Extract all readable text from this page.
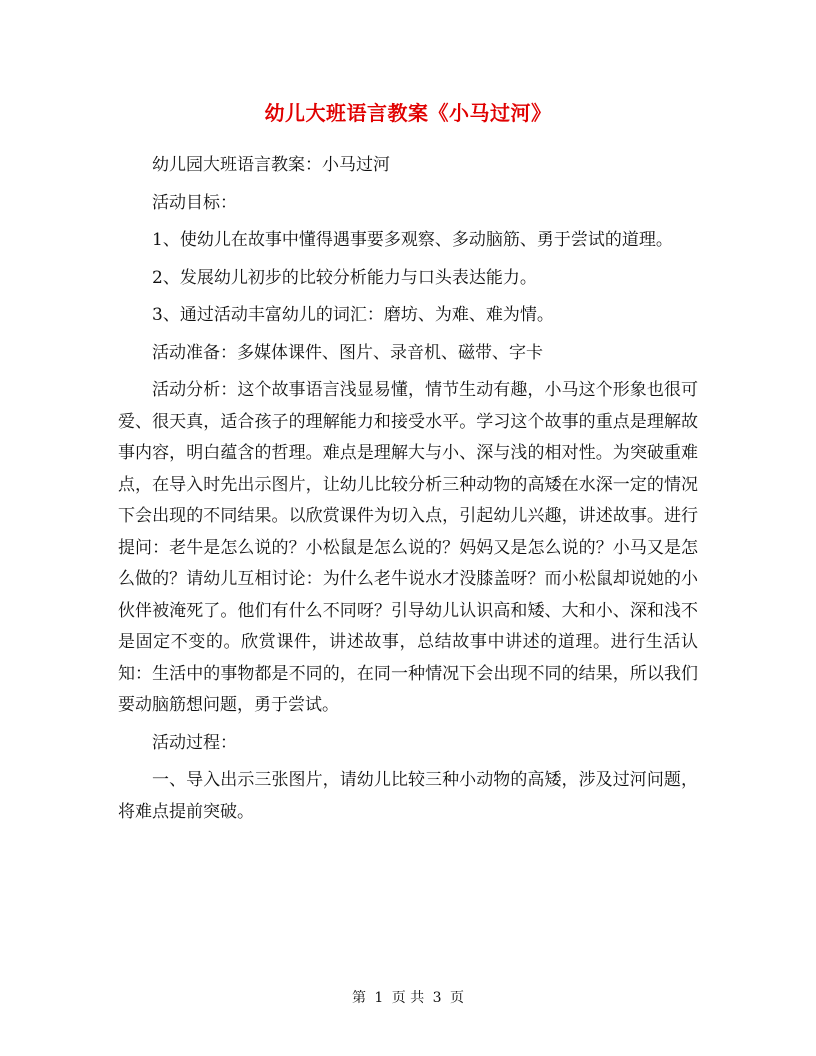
幼儿大班语言教案《小马过河》

幼儿园大班语言教案：小马过河

活动目标：

1、使幼儿在故事中懂得遇事要多观察、多动脑筋、勇于尝试的道理。

2、发展幼儿初步的比较分析能力与口头表达能力。

3、通过活动丰富幼儿的词汇：磨坊、为难、难为情。

活动准备：多媒体课件、图片、录音机、磁带、字卡

活动分析：这个故事语言浅显易懂，情节生动有趣，小马这个形象也很可爱、很天真，适合孩子的理解能力和接受水平。学习这个故事的重点是理解故事内容，明白蕴含的哲理。难点是理解大与小、深与浅的相对性。为突破重难点，在导入时先出示图片，让幼儿比较分析三种动物的高矮在水深一定的情况下会出现的不同结果。以欣赏课件为切入点，引起幼儿兴趣，讲述故事。进行提问：老牛是怎么说的？小松鼠是怎么说的？妈妈又是怎么说的？小马又是怎么做的？请幼儿互相讨论：为什么老牛说水才没膝盖呀？而小松鼠却说她的小伙伴被淹死了。他们有什么不同呀？引导幼儿认识高和矮、大和小、深和浅不是固定不变的。欣赏课件，讲述故事，总结故事中讲述的道理。进行生活认知：生活中的事物都是不同的，在同一种情况下会出现不同的结果，所以我们要动脑筋想问题，勇于尝试。

活动过程：

一、导入出示三张图片，请幼儿比较三种小动物的高矮，涉及过河问题，将难点提前突破。

第 1 页 共 3 页
